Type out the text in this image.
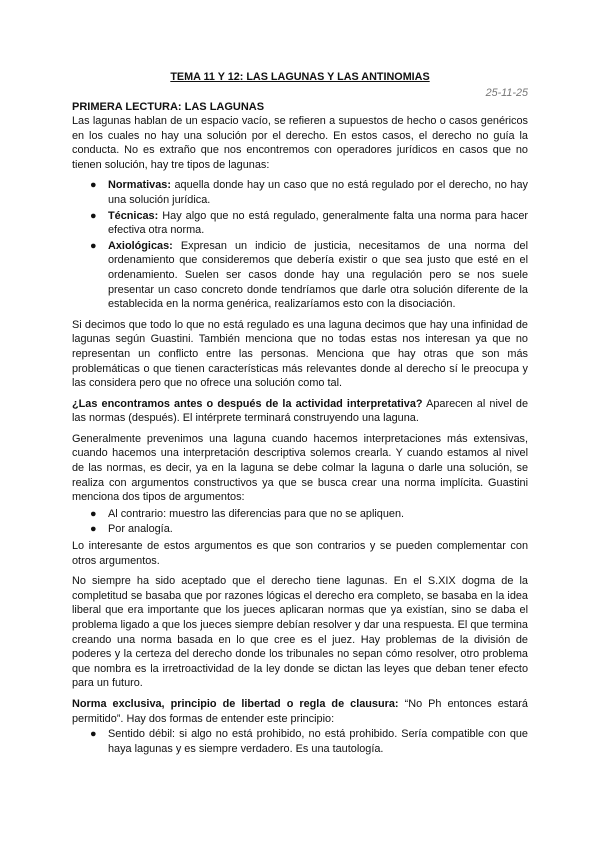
TEMA 11 Y 12: LAS LAGUNAS Y LAS ANTINOMIAS
25-11-25
PRIMERA LECTURA: LAS LAGUNAS

Las lagunas hablan de un espacio vacío, se refieren a supuestos de hecho o casos genéricos en los cuales no hay una solución por el derecho. En estos casos, el derecho no guía la conducta. No es extraño que nos encontremos con operadores jurídicos en casos que no tienen solución, hay tre tipos de lagunas:

● Normativas: aquella donde hay un caso que no está regulado por el derecho, no hay una solución jurídica.
● Técnicas: Hay algo que no está regulado, generalmente falta una norma para hacer efectiva otra norma.
● Axiológicas: Expresan un indicio de justicia, necesitamos de una norma del ordenamiento que consideremos que debería existir o que sea justo que esté en el ordenamiento. Suelen ser casos donde hay una regulación pero se nos suele presentar un caso concreto donde tendríamos que darle otra solución diferente de la establecida en la norma genérica, realizaríamos esto con la disociación.

Si decimos que todo lo que no está regulado es una laguna decimos que hay una infinidad de lagunas según Guastini. También menciona que no todas estas nos interesan ya que no representan un conflicto entre las personas. Menciona que hay otras que son más problemáticas o que tienen características más relevantes donde al derecho sí le preocupa y las considera pero que no ofrece una solución como tal.

¿Las encontramos antes o después de la actividad interpretativa? Aparecen al nivel de las normas (después). El intérprete terminará construyendo una laguna.

Generalmente prevenimos una laguna cuando hacemos interpretaciones más extensivas, cuando hacemos una interpretación descriptiva solemos crearla. Y cuando estamos al nivel de las normas, es decir, ya en la laguna se debe colmar la laguna o darle una solución, se realiza con argumentos constructivos ya que se busca crear una norma implícita. Guastini menciona dos tipos de argumentos:

● Al contrario: muestro las diferencias para que no se apliquen.
● Por analogía.

Lo interesante de estos argumentos es que son contrarios y se pueden complementar con otros argumentos.

No siempre ha sido aceptado que el derecho tiene lagunas. En el S.XIX dogma de la completitud se basaba que por razones lógicas el derecho era completo, se basaba en la idea liberal que era importante que los jueces aplicaran normas que ya existían, sino se daba el problema ligado a que los jueces siempre debían resolver y dar una respuesta. El que termina creando una norma basada en lo que cree es el juez. Hay problemas de la división de poderes y la certeza del derecho donde los tribunales no sepan cómo resolver, otro problema que nombra es la irretroactividad de la ley donde se dictan las leyes que deban tener efecto para un futuro.

Norma exclusiva, principio de libertad o regla de clausura: “No Ph entonces estará permitido”. Hay dos formas de entender este principio:

● Sentido débil: si algo no está prohibido, no está prohibido. Sería compatible con que haya lagunas y es siempre verdadero. Es una tautología.
